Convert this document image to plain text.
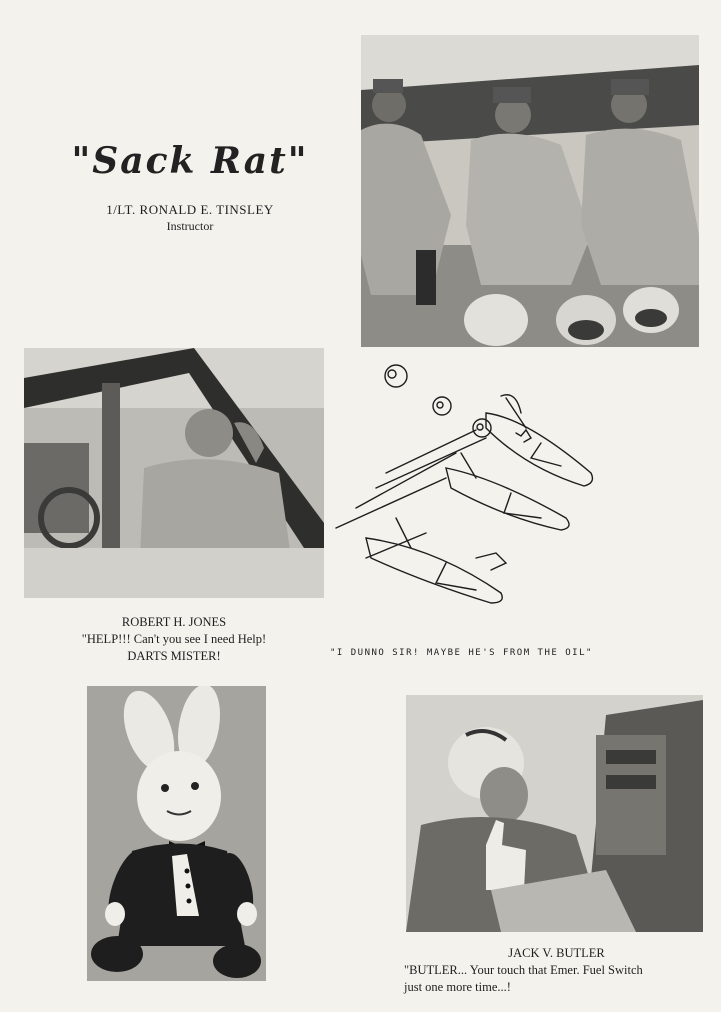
"Sack Rat"
1/LT. RONALD E. TINSLEY
Instructor
ROBERT H. JONES
"HELP!!! Can't you see I need Help!
DARTS MISTER!	"I DUNNO SIR! MAYBE HE'S FROM THE OIL"
JACK V. BUTLER
"BUTLER... Your touch that Emer. Fuel Switch
just one more time...!
